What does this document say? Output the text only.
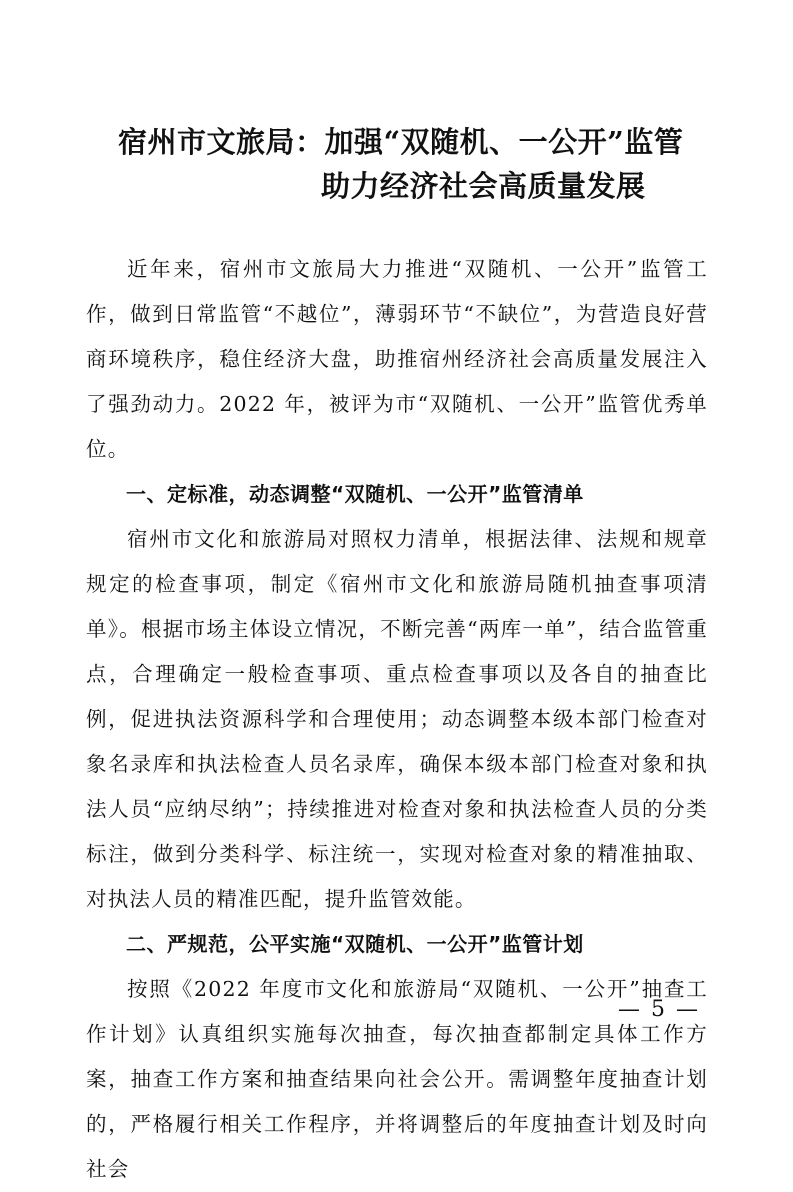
宿州市文旅局：加强“双随机、一公开”监管
助力经济社会高质量发展

近年来，宿州市文旅局大力推进“双随机、一公开”监管工作，做到日常监管“不越位”，薄弱环节“不缺位”，为营造良好营商环境秩序，稳住经济大盘，助推宿州经济社会高质量发展注入了强劲动力。2022 年，被评为市“双随机、一公开”监管优秀单位。

一、定标准，动态调整“双随机、一公开”监管清单

宿州市文化和旅游局对照权力清单，根据法律、法规和规章规定的检查事项，制定《宿州市文化和旅游局随机抽查事项清单》。根据市场主体设立情况，不断完善“两库一单”，结合监管重点，合理确定一般检查事项、重点检查事项以及各自的抽查比例，促进执法资源科学和合理使用；动态调整本级本部门检查对象名录库和执法检查人员名录库，确保本级本部门检查对象和执法人员“应纳尽纳”；持续推进对检查对象和执法检查人员的分类标注，做到分类科学、标注统一，实现对检查对象的精准抽取、对执法人员的精准匹配，提升监管效能。

二、严规范，公平实施“双随机、一公开”监管计划

按照《2022 年度市文化和旅游局“双随机、一公开”抽查工作计划》认真组织实施每次抽查，每次抽查都制定具体工作方案，抽查工作方案和抽查结果向社会公开。需调整年度抽查计划的，严格履行相关工作程序，并将调整后的年度抽查计划及时向社会

— 5 —
